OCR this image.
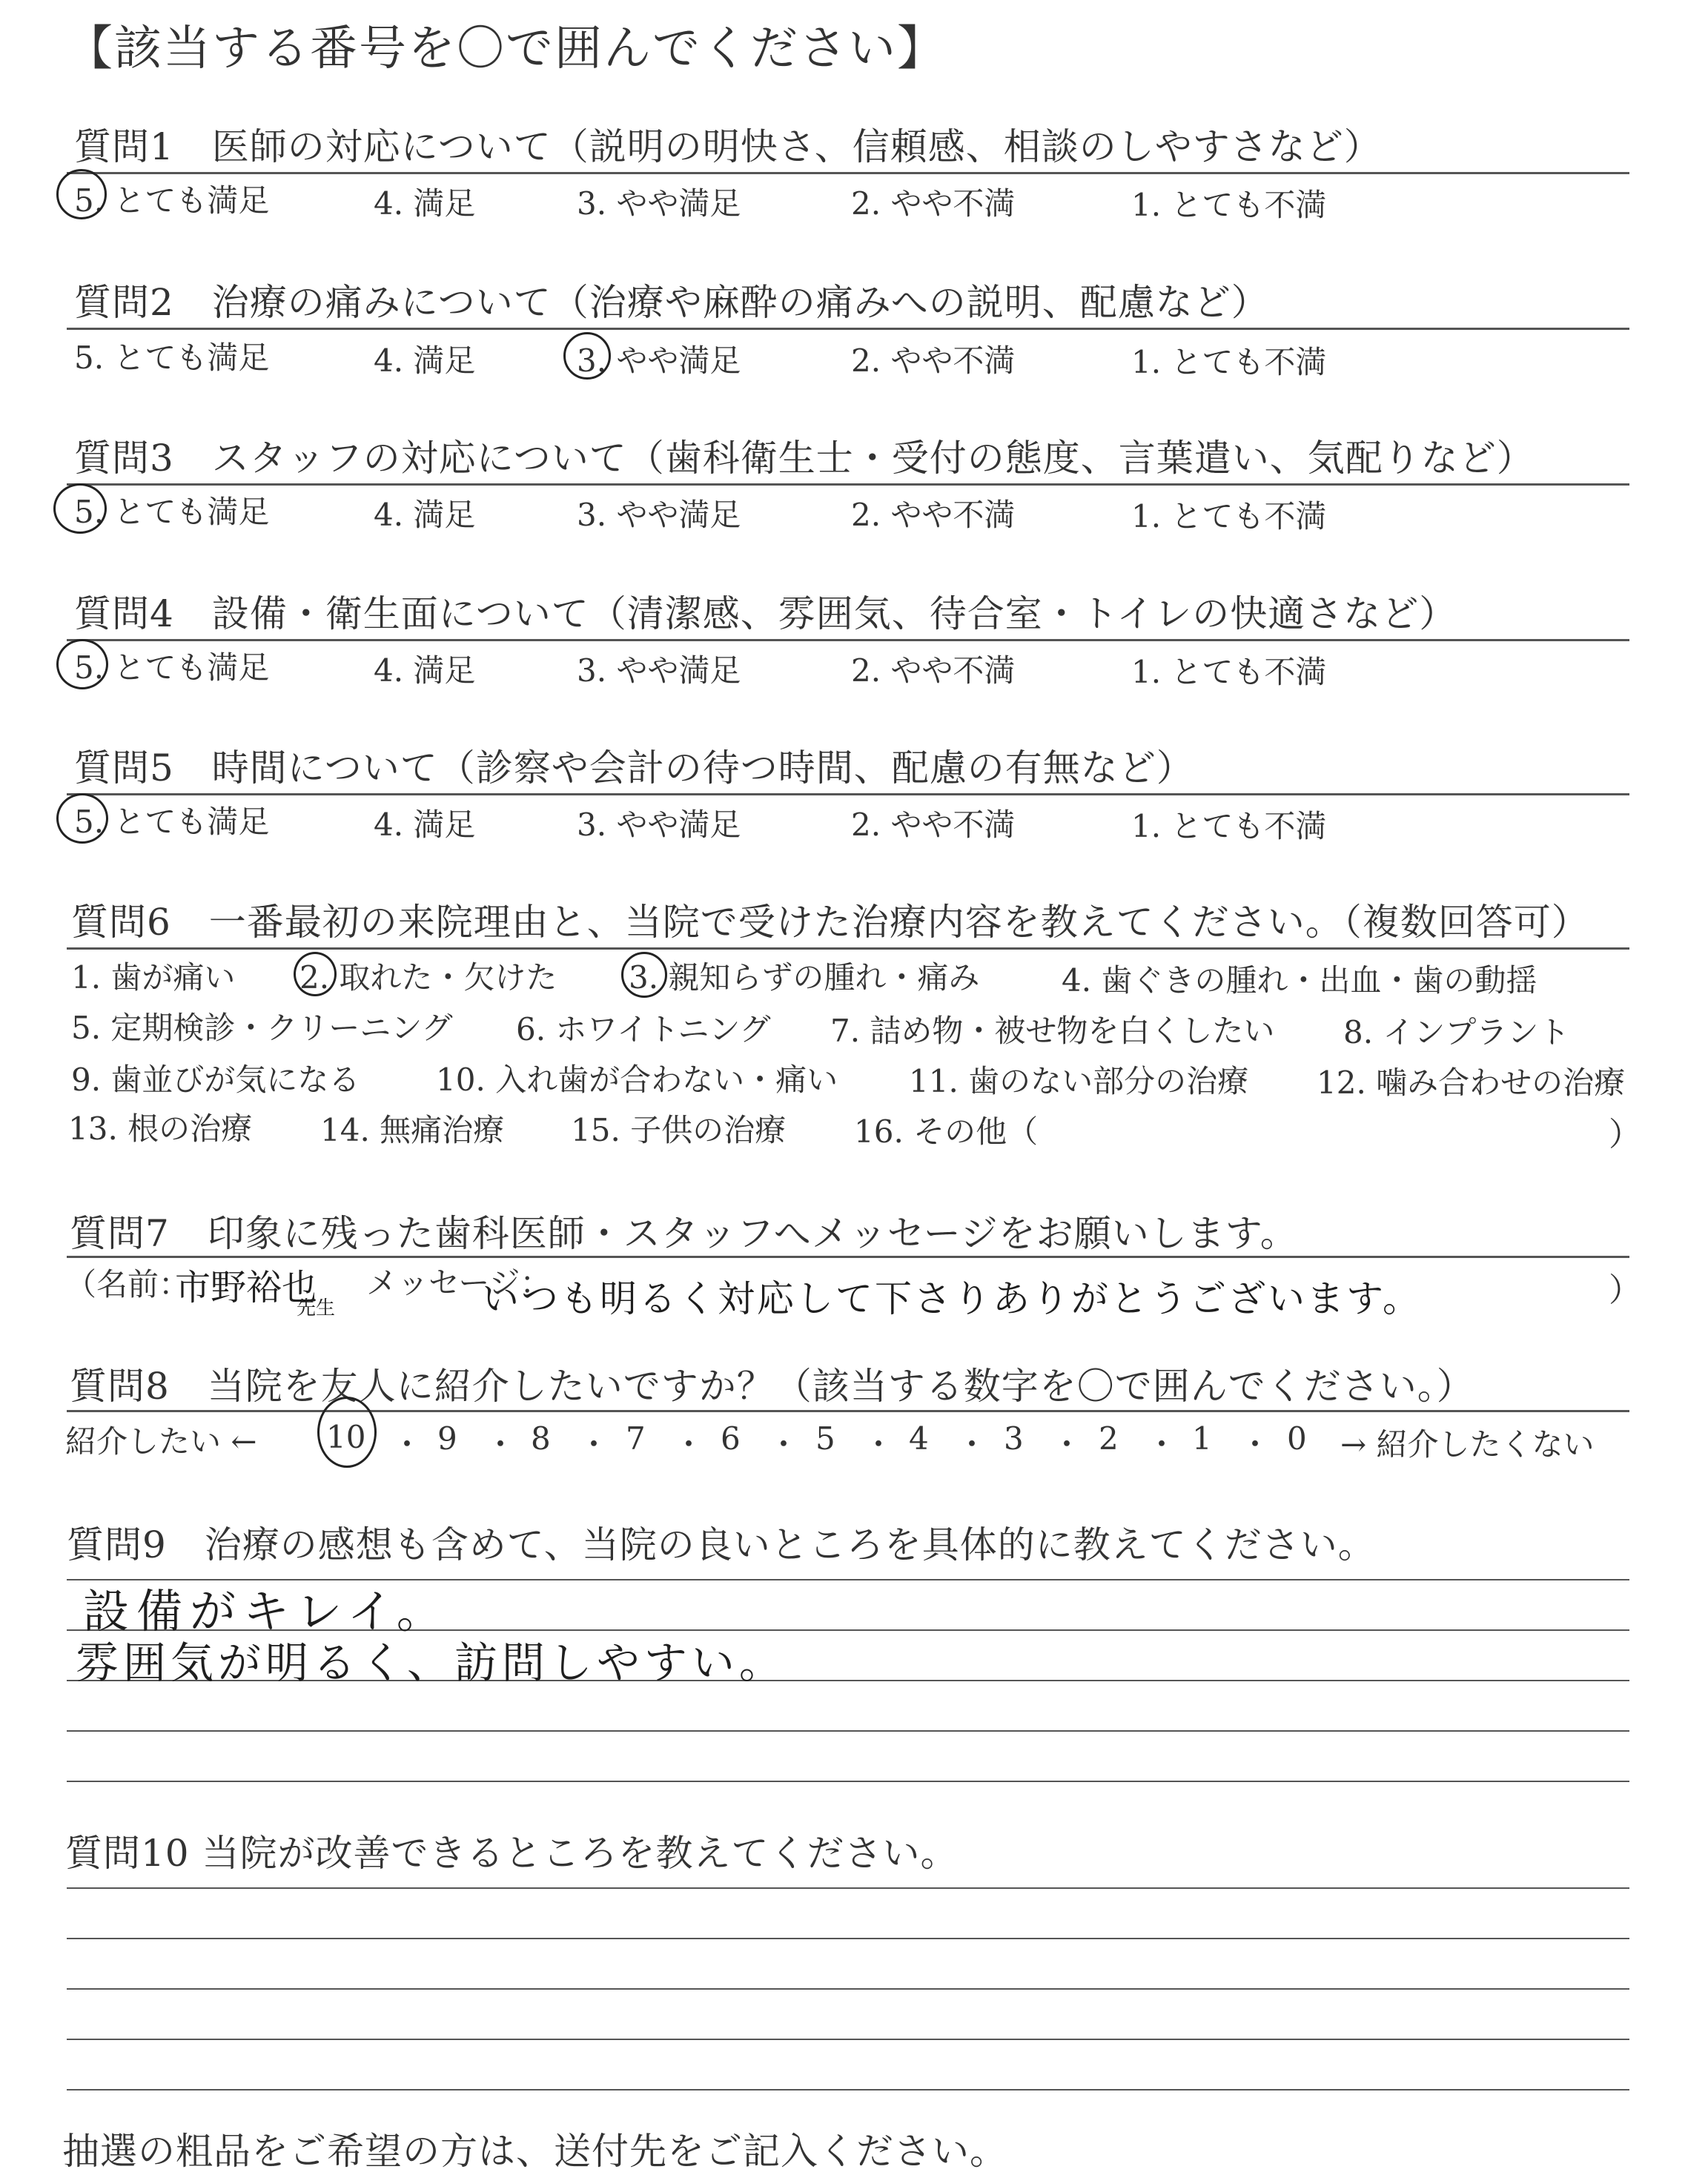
【該当する番号を〇で囲んでください】
質問1　医師の対応について（説明の明快さ、信頼感、相談のしやすさなど）
5. とても満足	4. 満足	3. やや満足	2. やや不満	1. とても不満
質問2　治療の痛みについて（治療や麻酔の痛みへの説明、配慮など）
5. とても満足	4. 満足	3. やや満足	2. やや不満	1. とても不満
質問3　スタッフの対応について（歯科衛生士・受付の態度、言葉遣い、気配りなど）
5. とても満足	4. 満足	3. やや満足	2. やや不満	1. とても不満
質問4　設備・衛生面について（清潔感、雰囲気、待合室・トイレの快適さなど）
5. とても満足	4. 満足	3. やや満足	2. やや不満	1. とても不満
質問5　時間について（診察や会計の待つ時間、配慮の有無など）
5. とても満足	4. 満足	3. やや満足	2. やや不満	1. とても不満
質問6　一番最初の来院理由と、当院で受けた治療内容を教えてください。（複数回答可）
1. 歯が痛い 2. 取れた・欠けた 3. 親知らずの腫れ・痛み	4. 歯ぐきの腫れ・出血・歯の動揺
5. 定期検診・クリーニング 6. ホワイトニング 7. 詰め物・被せ物を白くしたい 8. インプラント
9. 歯並びが気になる 10. 入れ歯が合わない・痛い 11. 歯のない部分の治療 12. 噛み合わせの治療
13. 根の治療 14. 無痛治療 15. 子供の治療 16. その他（	）
質問7　印象に残った歯科医師・スタッフへメッセージをお願いします。
（名前：
市野裕也
先生
メッセージ：
いつも明るく対応して下さりありがとうございます。	）
質問8　当院を友人に紹介したいですか？（該当する数字を〇で囲んでください。）
紹介したい ← 10 ・ 9 ・ 8 ・ 7 ・ 6 ・ 5 ・ 4 ・ 3 ・ 2 ・ 1 ・ 0 → 紹介したくない
質問9　治療の感想も含めて、当院の良いところを具体的に教えてください。
設備がキレイ。
雰囲気が明るく、訪問しやすい。
質問10 当院が改善できるところを教えてください。
抽選の粗品をご希望の方は、送付先をご記入ください。
